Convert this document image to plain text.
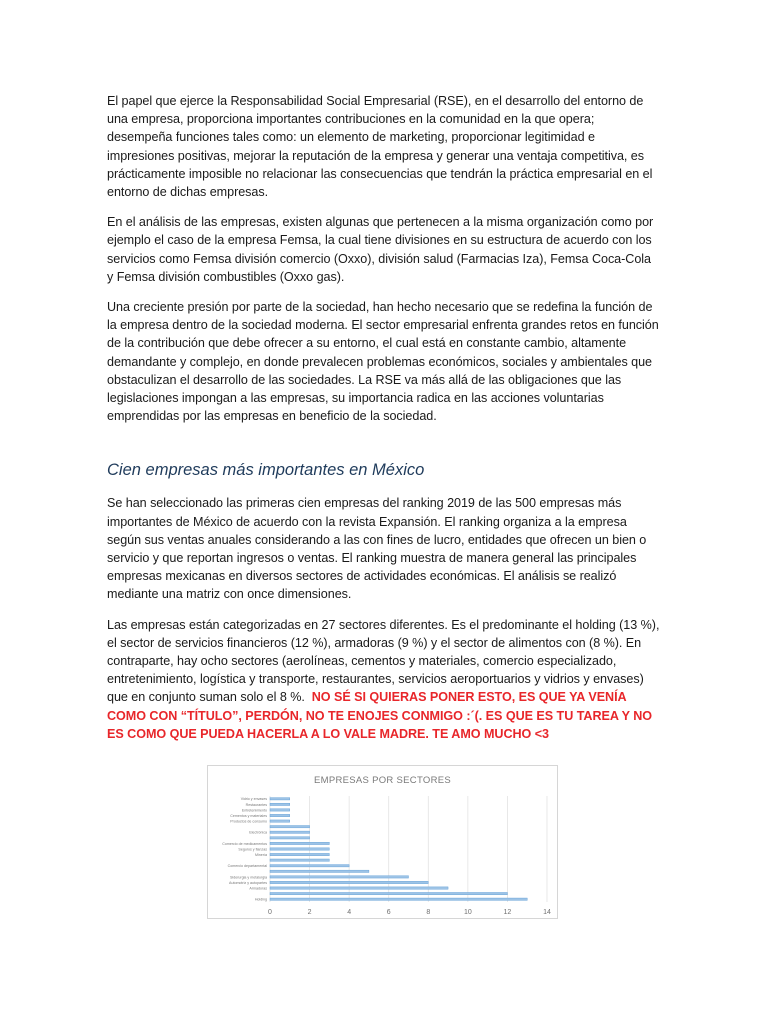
El papel que ejerce la Responsabilidad Social Empresarial (RSE), en el desarrollo del entorno de una empresa, proporciona importantes contribuciones en la comunidad en la que opera; desempeña funciones tales como: un elemento de marketing, proporcionar legitimidad e impresiones positivas, mejorar la reputación de la empresa y generar una ventaja competitiva, es prácticamente imposible no relacionar las consecuencias que tendrán la práctica empresarial en el entorno de dichas empresas.

En el análisis de las empresas, existen algunas que pertenecen a la misma organización como por ejemplo el caso de la empresa Femsa, la cual tiene divisiones en su estructura de acuerdo con los servicios como Femsa división comercio (Oxxo), división salud (Farmacias Iza), Femsa Coca-Cola y Femsa división combustibles (Oxxo gas).

Una creciente presión por parte de la sociedad, han hecho necesario que se redefina la función de la empresa dentro de la sociedad moderna. El sector empresarial enfrenta grandes retos en función de la contribución que debe ofrecer a su entorno, el cual está en constante cambio, altamente demandante y complejo, en donde prevalecen problemas económicos, sociales y ambientales que obstaculizan el desarrollo de las sociedades. La RSE va más allá de las obligaciones que las legislaciones impongan a las empresas, su importancia radica en las acciones voluntarias emprendidas por las empresas en beneficio de la sociedad.

Cien empresas más importantes en México

Se han seleccionado las primeras cien empresas del ranking 2019 de las 500 empresas más importantes de México de acuerdo con la revista Expansión. El ranking organiza a la empresa según sus ventas anuales considerando a las con fines de lucro, entidades que ofrecen un bien o servicio y que reportan ingresos o ventas. El ranking muestra de manera general las principales empresas mexicanas en diversos sectores de actividades económicas. El análisis se realizó mediante una matriz con once dimensiones.

Las empresas están categorizadas en 27 sectores diferentes. Es el predominante el holding (13 %), el sector de servicios financieros (12 %), armadoras (9 %) y el sector de alimentos con (8 %). En contraparte, hay ocho sectores (aerolíneas, cementos y materiales, comercio especializado, entretenimiento, logística y transporte, restaurantes, servicios aeroportuarios y vidrios y envases) que en conjunto suman solo el 8 %. NO SÉ SI QUIERAS PONER ESTO, ES QUE YA VENÍA COMO CON “TÍTULO”, PERDÓN, NO TE ENOJES CONMIGO :´(. ES QUE ES TU TAREA Y NO ES COMO QUE PUEDA HACERLA A LO VALE MADRE. TE AMO MUCHO <3

EMPRESAS POR SECTORES
0	2	4	6	8	10	12	14
Vidrio y envases
Restaurantes
Entretenimiento
Cementos y materiales
Productos de consumo
Electrónica
Comercio de medicamentos
Seguros y fianzas
Minería
Comercio departamental
Siderurgia y metalurgia
Automotriz y autopartes
Armadoras
Holding
